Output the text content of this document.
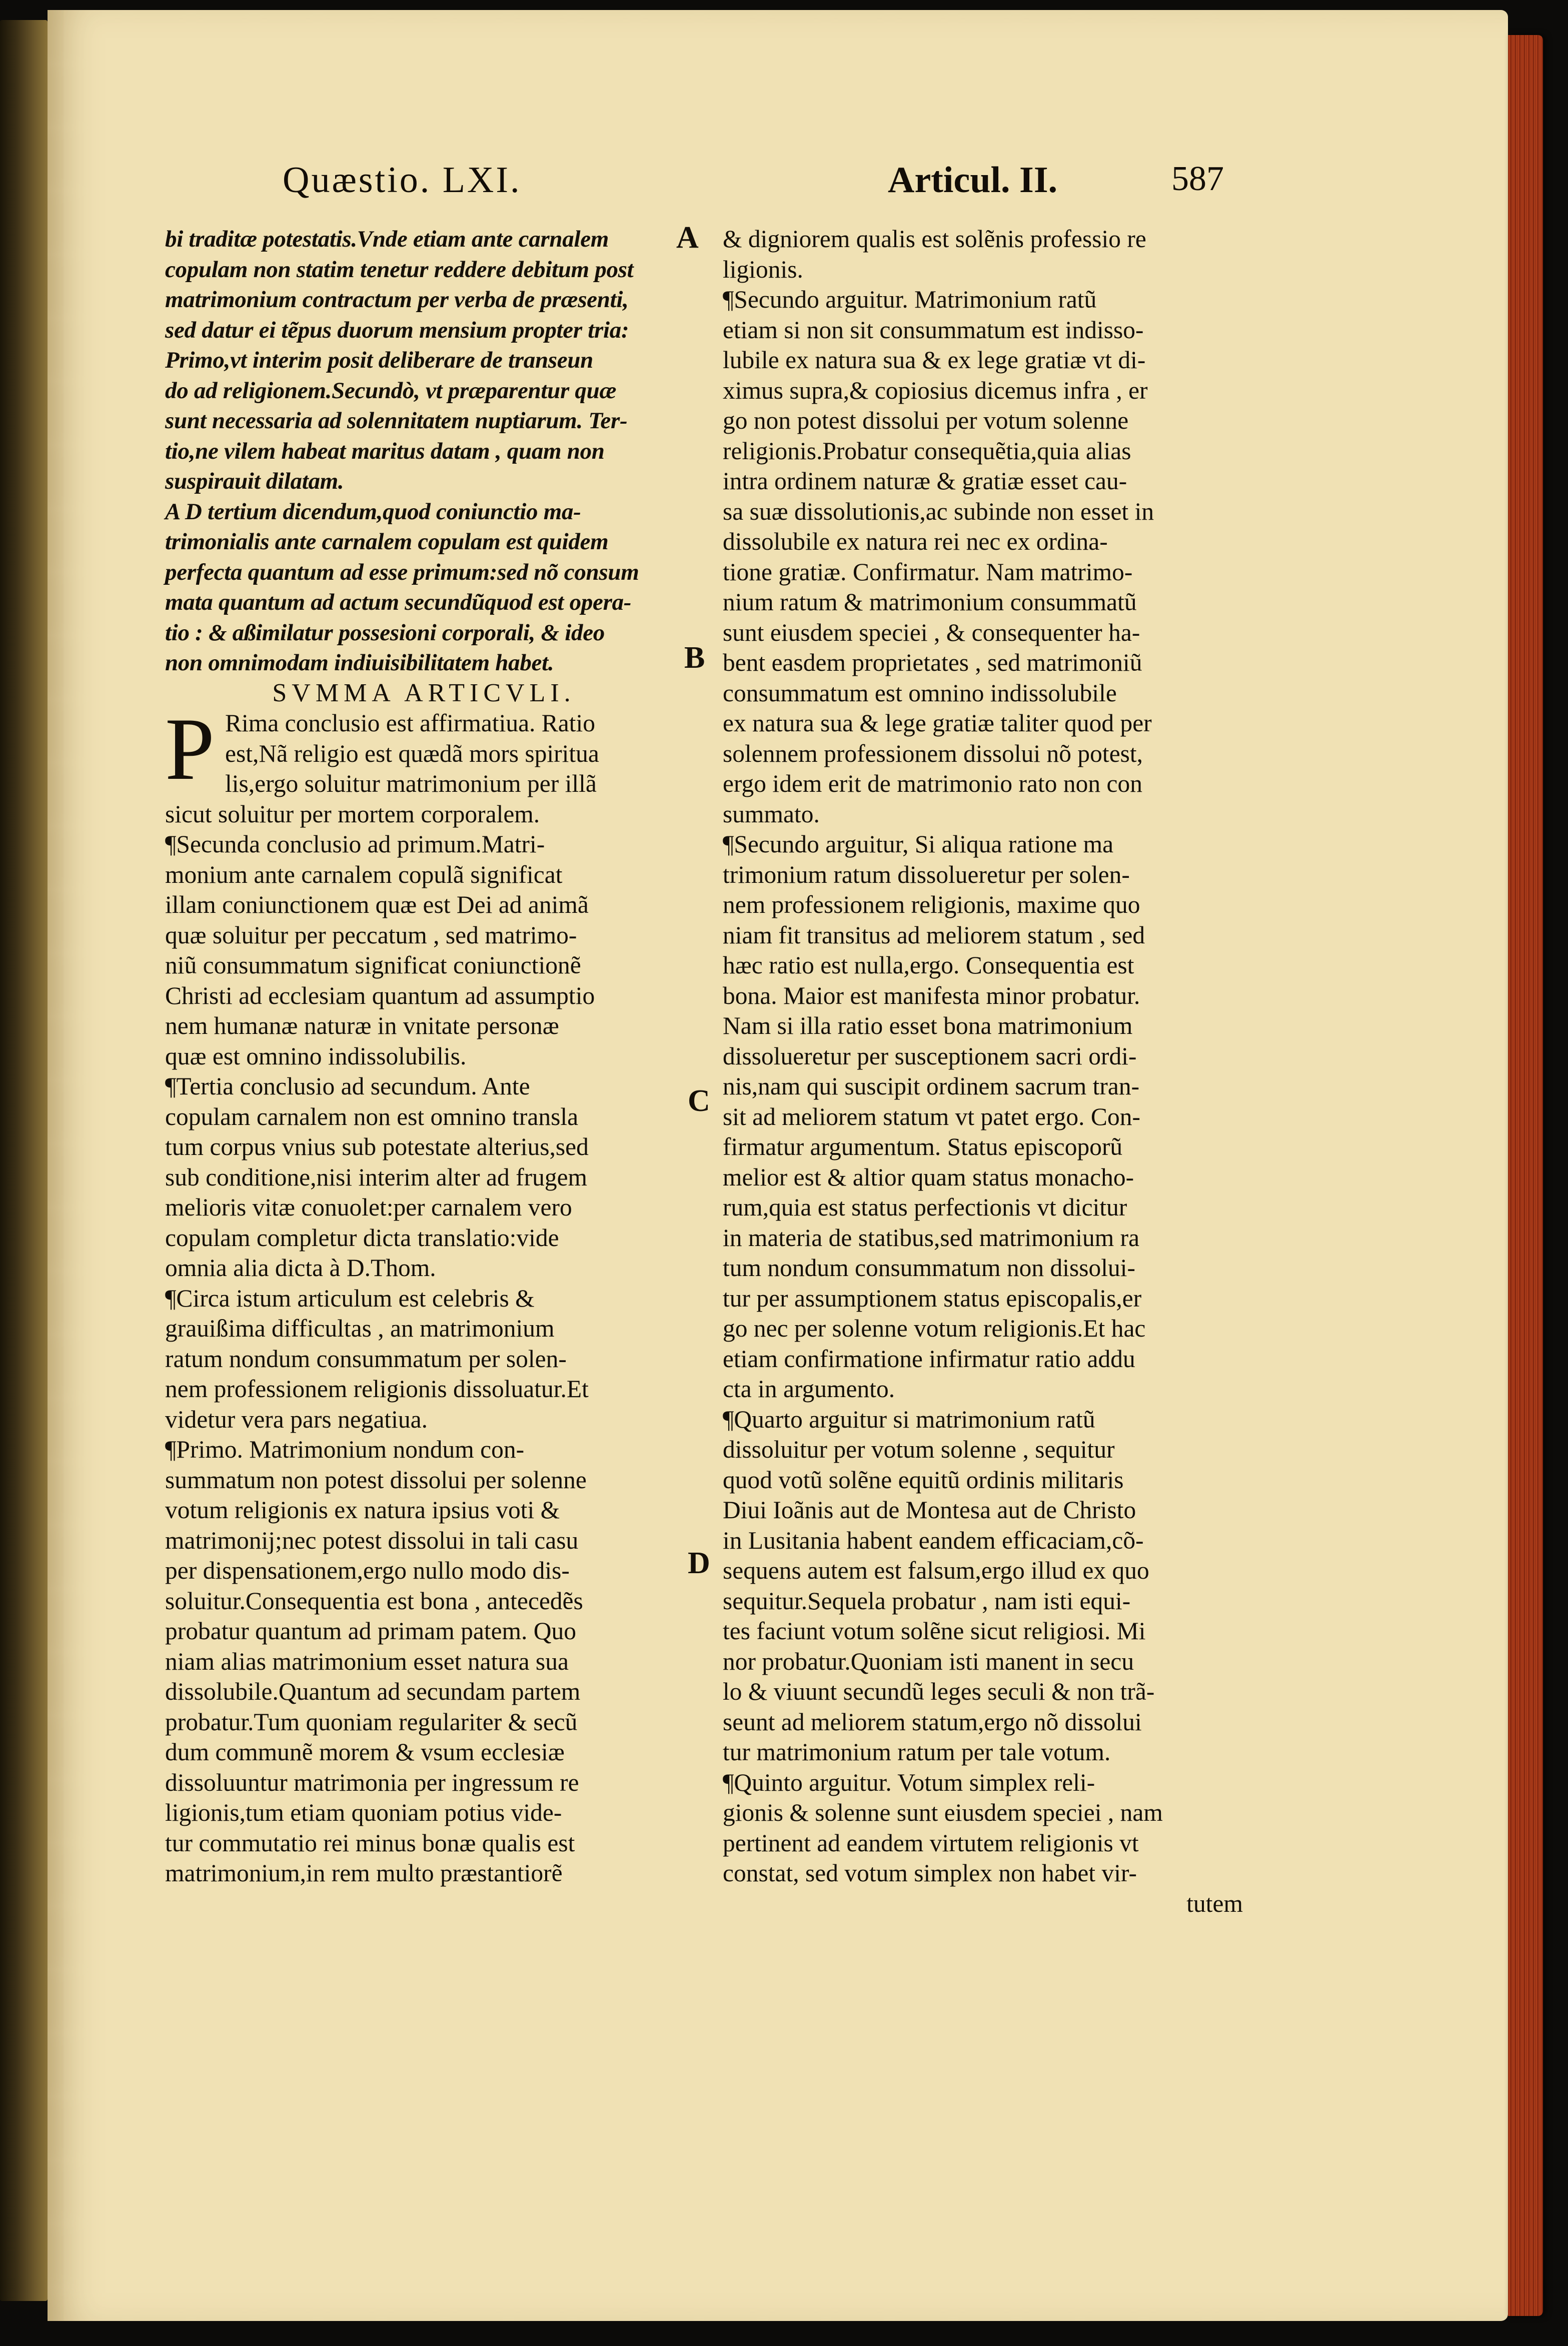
Quæstio. LXI.	Articul. II.	587
A
B
C
D
bi traditæ potestatis.Vnde etiam ante carnalem
copulam non statim tenetur reddere debitum post
matrimonium contractum per verba de præsenti,
sed datur ei tẽpus duorum mensium propter tria:
Primo,vt interim posit deliberare de transeun
do ad religionem.Secundò, vt præparentur quæ
sunt necessaria ad solennitatem nuptiarum. Ter-
tio,ne vilem habeat maritus datam , quam non
suspirauit dilatam.
A D tertium dicendum,quod coniunctio ma-
trimonialis ante carnalem copulam est quidem
perfecta quantum ad esse primum:sed nõ consum
mata quantum ad actum secundũquod est opera-
tio : & aßimilatur possesioni corporali, & ideo
non omnimodam indiuisibilitatem habet.
SVMMA ARTICVLI.
P Rima conclusio est affirmatiua. Ratio
est,Nã religio est quædã mors spiritua
lis,ergo soluitur matrimonium per illã
sicut soluitur per mortem corporalem.
¶Secunda conclusio ad primum.Matri-
monium ante carnalem copulã significat
illam coniunctionem quæ est Dei ad animã
quæ soluitur per peccatum , sed matrimo-
niũ consummatum significat coniunctionẽ
Christi ad ecclesiam quantum ad assumptio
nem humanæ naturæ in vnitate personæ
quæ est omnino indissolubilis.
¶Tertia conclusio ad secundum. Ante
copulam carnalem non est omnino transla
tum corpus vnius sub potestate alterius,sed
sub conditione,nisi interim alter ad frugem
melioris vitæ conuolet:per carnalem vero
copulam completur dicta translatio:vide
omnia alia dicta à D.Thom.
¶Circa istum articulum est celebris &
grauißima difficultas , an matrimonium
ratum nondum consummatum per solen-
nem professionem religionis dissoluatur.Et
videtur vera pars negatiua.
¶Primo. Matrimonium nondum con-
summatum non potest dissolui per solenne
votum religionis ex natura ipsius voti &
matrimonij;nec potest dissolui in tali casu
per dispensationem,ergo nullo modo dis-
soluitur.Consequentia est bona , antecedẽs
probatur quantum ad primam patem. Quo
niam alias matrimonium esset natura sua
dissolubile.Quantum ad secundam partem
probatur.Tum quoniam regulariter & secũ
dum communẽ morem & vsum ecclesiæ
dissoluuntur matrimonia per ingressum re
ligionis,tum etiam quoniam potius vide-
tur commutatio rei minus bonæ qualis est
matrimonium,in rem multo præstantiorẽ
& digniorem qualis est solẽnis professio re
ligionis.
¶Secundo arguitur. Matrimonium ratũ
etiam si non sit consummatum est indisso-
lubile ex natura sua & ex lege gratiæ vt di-
ximus supra,& copiosius dicemus infra , er
go non potest dissolui per votum solenne
religionis.Probatur consequẽtia,quia alias
intra ordinem naturæ & gratiæ esset cau-
sa suæ dissolutionis,ac subinde non esset in
dissolubile ex natura rei nec ex ordina-
tione gratiæ. Confirmatur. Nam matrimo-
nium ratum & matrimonium consummatũ
sunt eiusdem speciei , & consequenter ha-
bent easdem proprietates , sed matrimoniũ
consummatum est omnino indissolubile
ex natura sua & lege gratiæ taliter quod per
solennem professionem dissolui nõ potest,
ergo idem erit de matrimonio rato non con
summato.
¶Secundo arguitur, Si aliqua ratione ma
trimonium ratum dissolueretur per solen-
nem professionem religionis, maxime quo
niam fit transitus ad meliorem statum , sed
hæc ratio est nulla,ergo. Consequentia est
bona. Maior est manifesta minor probatur.
Nam si illa ratio esset bona matrimonium
dissolueretur per susceptionem sacri ordi-
nis,nam qui suscipit ordinem sacrum tran-
sit ad meliorem statum vt patet ergo. Con-
firmatur argumentum. Status episcoporũ
melior est & altior quam status monacho-
rum,quia est status perfectionis vt dicitur
in materia de statibus,sed matrimonium ra
tum nondum consummatum non dissolui-
tur per assumptionem status episcopalis,er
go nec per solenne votum religionis.Et hac
etiam confirmatione infirmatur ratio addu
cta in argumento.
¶Quarto arguitur si matrimonium ratũ
dissoluitur per votum solenne , sequitur
quod votũ solẽne equitũ ordinis militaris
Diui Ioãnis aut de Montesa aut de Christo
in Lusitania habent eandem efficaciam,cõ-
sequens autem est falsum,ergo illud ex quo
sequitur.Sequela probatur , nam isti equi-
tes faciunt votum solẽne sicut religiosi. Mi
nor probatur.Quoniam isti manent in secu
lo & viuunt secundũ leges seculi & non trã-
seunt ad meliorem statum,ergo nõ dissolui
tur matrimonium ratum per tale votum.
¶Quinto arguitur. Votum simplex reli-
gionis & solenne sunt eiusdem speciei , nam
pertinent ad eandem virtutem religionis vt
constat, sed votum simplex non habet vir-
tutem
